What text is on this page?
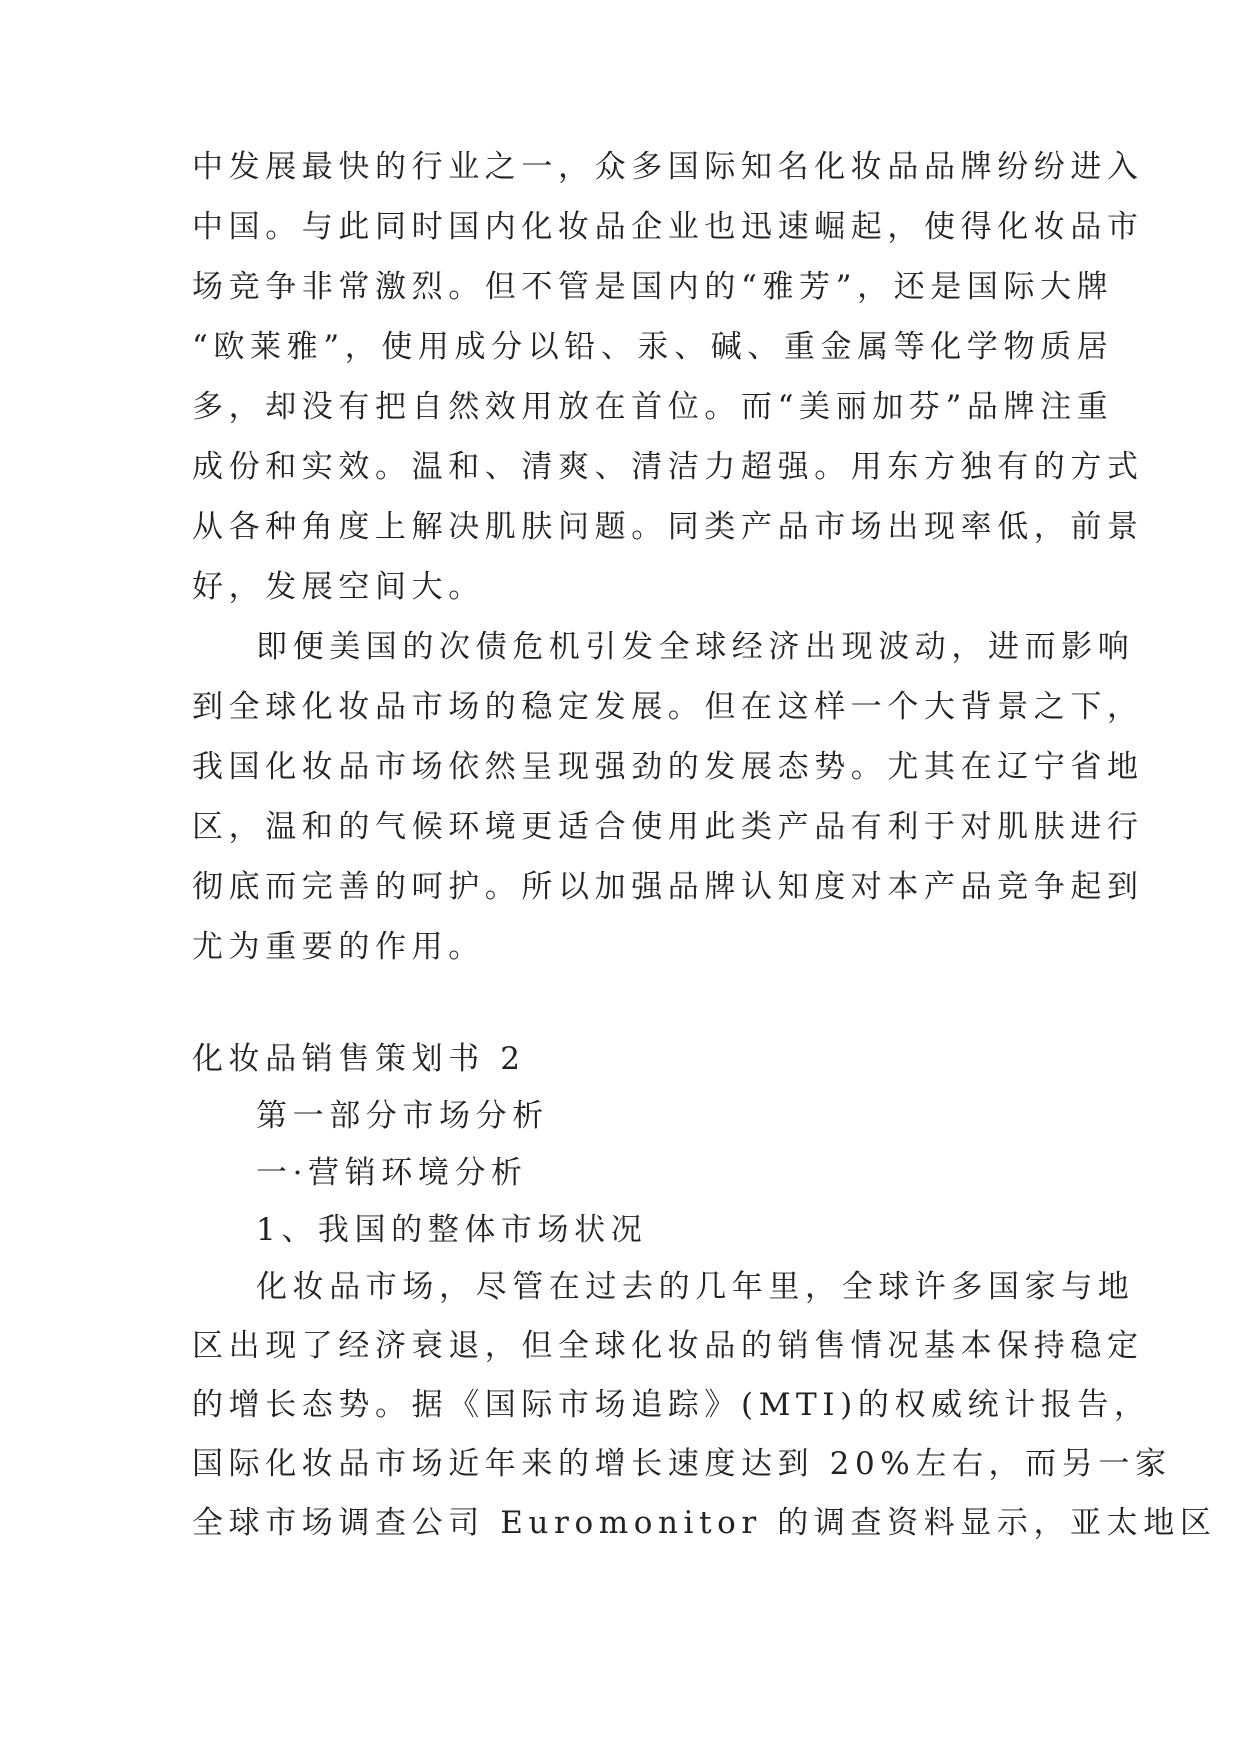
中发展最快的行业之一，众多国际知名化妆品品牌纷纷进入
中国。与此同时国内化妆品企业也迅速崛起，使得化妆品市
场竞争非常激烈。但不管是国内的“雅芳”，还是国际大牌
“欧莱雅”，使用成分以铅、汞、碱、重金属等化学物质居
多，却没有把自然效用放在首位。而“美丽加芬”品牌注重
成份和实效。温和、清爽、清洁力超强。用东方独有的方式
从各种角度上解决肌肤问题。同类产品市场出现率低，前景
好，发展空间大。
即便美国的次债危机引发全球经济出现波动，进而影响
到全球化妆品市场的稳定发展。但在这样一个大背景之下，
我国化妆品市场依然呈现强劲的发展态势。尤其在辽宁省地
区，温和的气候环境更适合使用此类产品有利于对肌肤进行
彻底而完善的呵护。所以加强品牌认知度对本产品竞争起到
尤为重要的作用。
化妆品销售策划书 2
第一部分市场分析
一·营销环境分析
1、我国的整体市场状况
化妆品市场，尽管在过去的几年里，全球许多国家与地
区出现了经济衰退，但全球化妆品的销售情况基本保持稳定
的增长态势。据《国际市场追踪》(MTI)的权威统计报告，
国际化妆品市场近年来的增长速度达到 20%左右，而另一家
全球市场调查公司 Euromonitor 的调查资料显示，亚太地区
